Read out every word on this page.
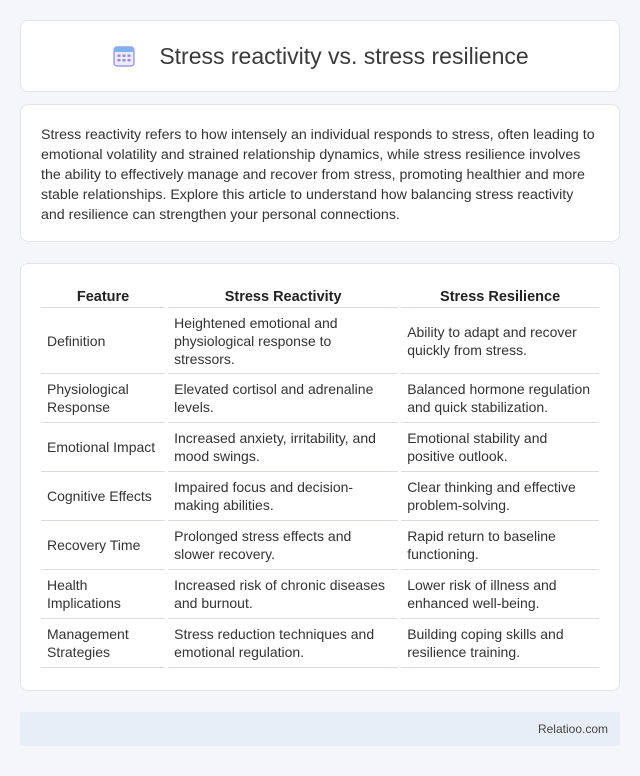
Stress reactivity vs. stress resilience

Stress reactivity refers to how intensely an individual responds to stress, often leading to emotional volatility and strained relationship dynamics, while stress resilience involves the ability to effectively manage and recover from stress, promoting healthier and more stable relationships. Explore this article to understand how balancing stress reactivity and resilience can strengthen your personal connections.

Feature	Stress Reactivity	Stress Resilience
Definition	Heightened emotional and physiological response to stressors.	Ability to adapt and recover quickly from stress.
Physiological Response	Elevated cortisol and adrenaline levels.	Balanced hormone regulation and quick stabilization.
Emotional Impact	Increased anxiety, irritability, and mood swings.	Emotional stability and positive outlook.
Cognitive Effects	Impaired focus and decision-making abilities.	Clear thinking and effective problem-solving.
Recovery Time	Prolonged stress effects and slower recovery.	Rapid return to baseline functioning.
Health Implications	Increased risk of chronic diseases and burnout.	Lower risk of illness and enhanced well-being.
Management Strategies	Stress reduction techniques and emotional regulation.	Building coping skills and resilience training.
Relatioo.com
